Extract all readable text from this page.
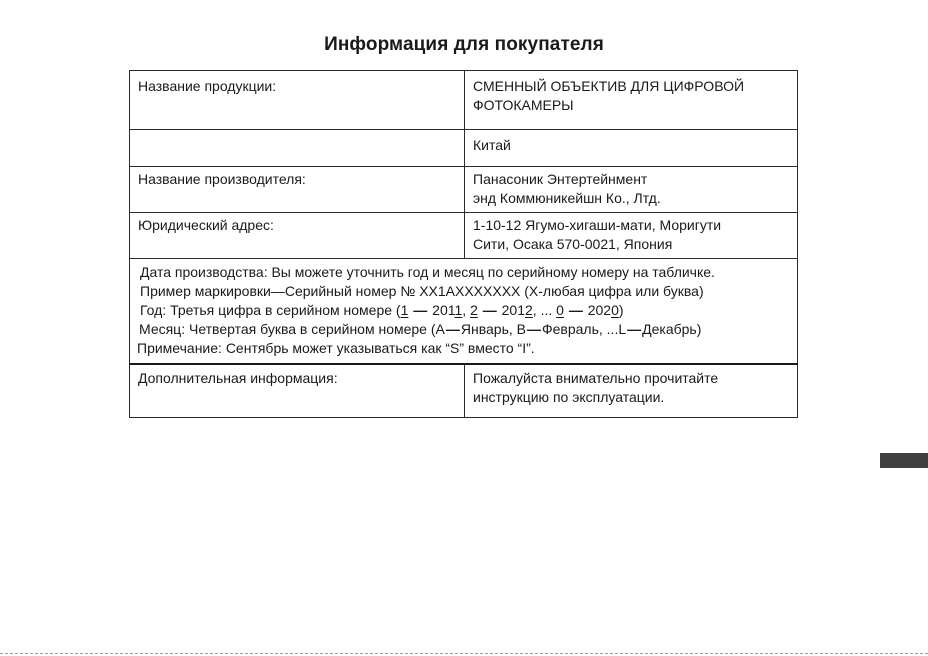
Информация для покупателя
Название продукции:	СМЕННЫЙ ОБЪЕКТИВ ДЛЯ ЦИФРОВОЙ
ФОТОКАМЕРЫ
	Китай
Название производителя:	Панасоник Энтертейнмент
энд Коммюникейшн Ко., Лтд.
Юридический адрес:	1-10-12 Ягумо-хигаши-мати, Моригути
Сити, Осака 570-0021, Япония

Дата производства: Вы можете уточнить год и месяц по серийному номеру на табличке.
Пример маркировки—Серийный номер № XX1AXXXXXXX (X-любая цифра или буква)
Год: Третья цифра в серийном номере (1 — 2011, 2 — 2012, ... 0 — 2020)
Месяц: Четвертая буква в серийном номере (A—Январь, B—Февраль, ...L—Декабрь)
Примечание: Сентябрь может указываться как “S” вместо “I”.	

Дополнительная информация:	Пожалуйста внимательно прочитайте
инструкцию по эксплуатации.
